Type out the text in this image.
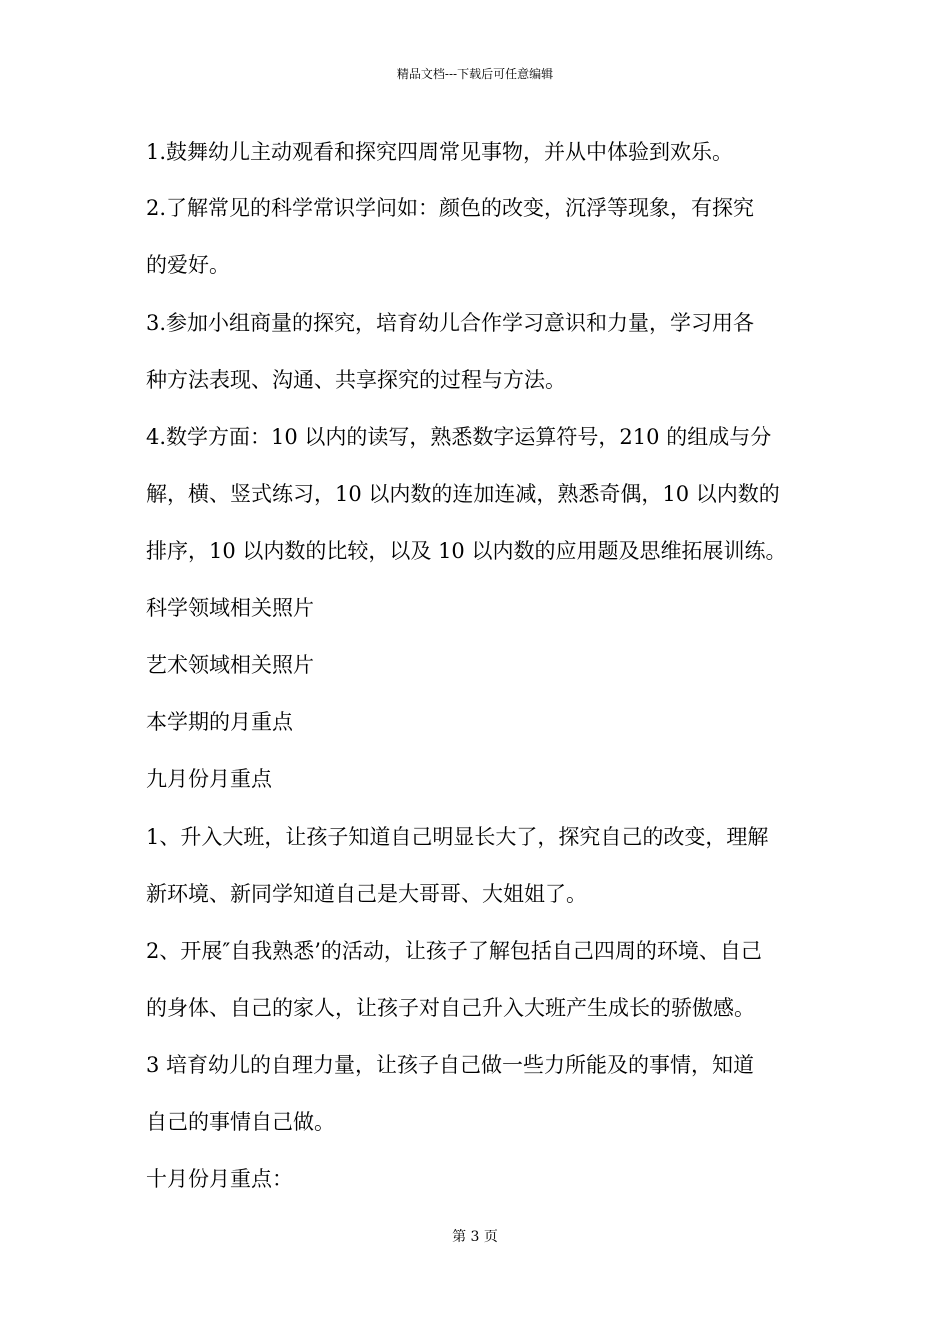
精品文档---下载后可任意编辑
1.鼓舞幼儿主动观看和探究四周常见事物，并从中体验到欢乐。
2.了解常见的科学常识学问如：颜色的改变，沉浮等现象，有探究
的爱好。
3.参加小组商量的探究，培育幼儿合作学习意识和力量，学习用各
种方法表现、沟通、共享探究的过程与方法。
4.数学方面：10 以内的读写，熟悉数字运算符号，210 的组成与分
解，横、竖式练习，10 以内数的连加连减，熟悉奇偶，10 以内数的
排序，10 以内数的比较，以及 10 以内数的应用题及思维拓展训练。
科学领域相关照片
艺术领域相关照片
本学期的月重点
九月份月重点
1、升入大班，让孩子知道自己明显长大了，探究自己的改变，理解
新环境、新同学知道自己是大哥哥、大姐姐了。
2、开展″自我熟悉’的活动，让孩子了解包括自己四周的环境、自己
的身体、自己的家人，让孩子对自己升入大班产生成长的骄傲感。
3 培育幼儿的自理力量，让孩子自己做一些力所能及的事情，知道
自己的事情自己做。
十月份月重点：
第 3 页
